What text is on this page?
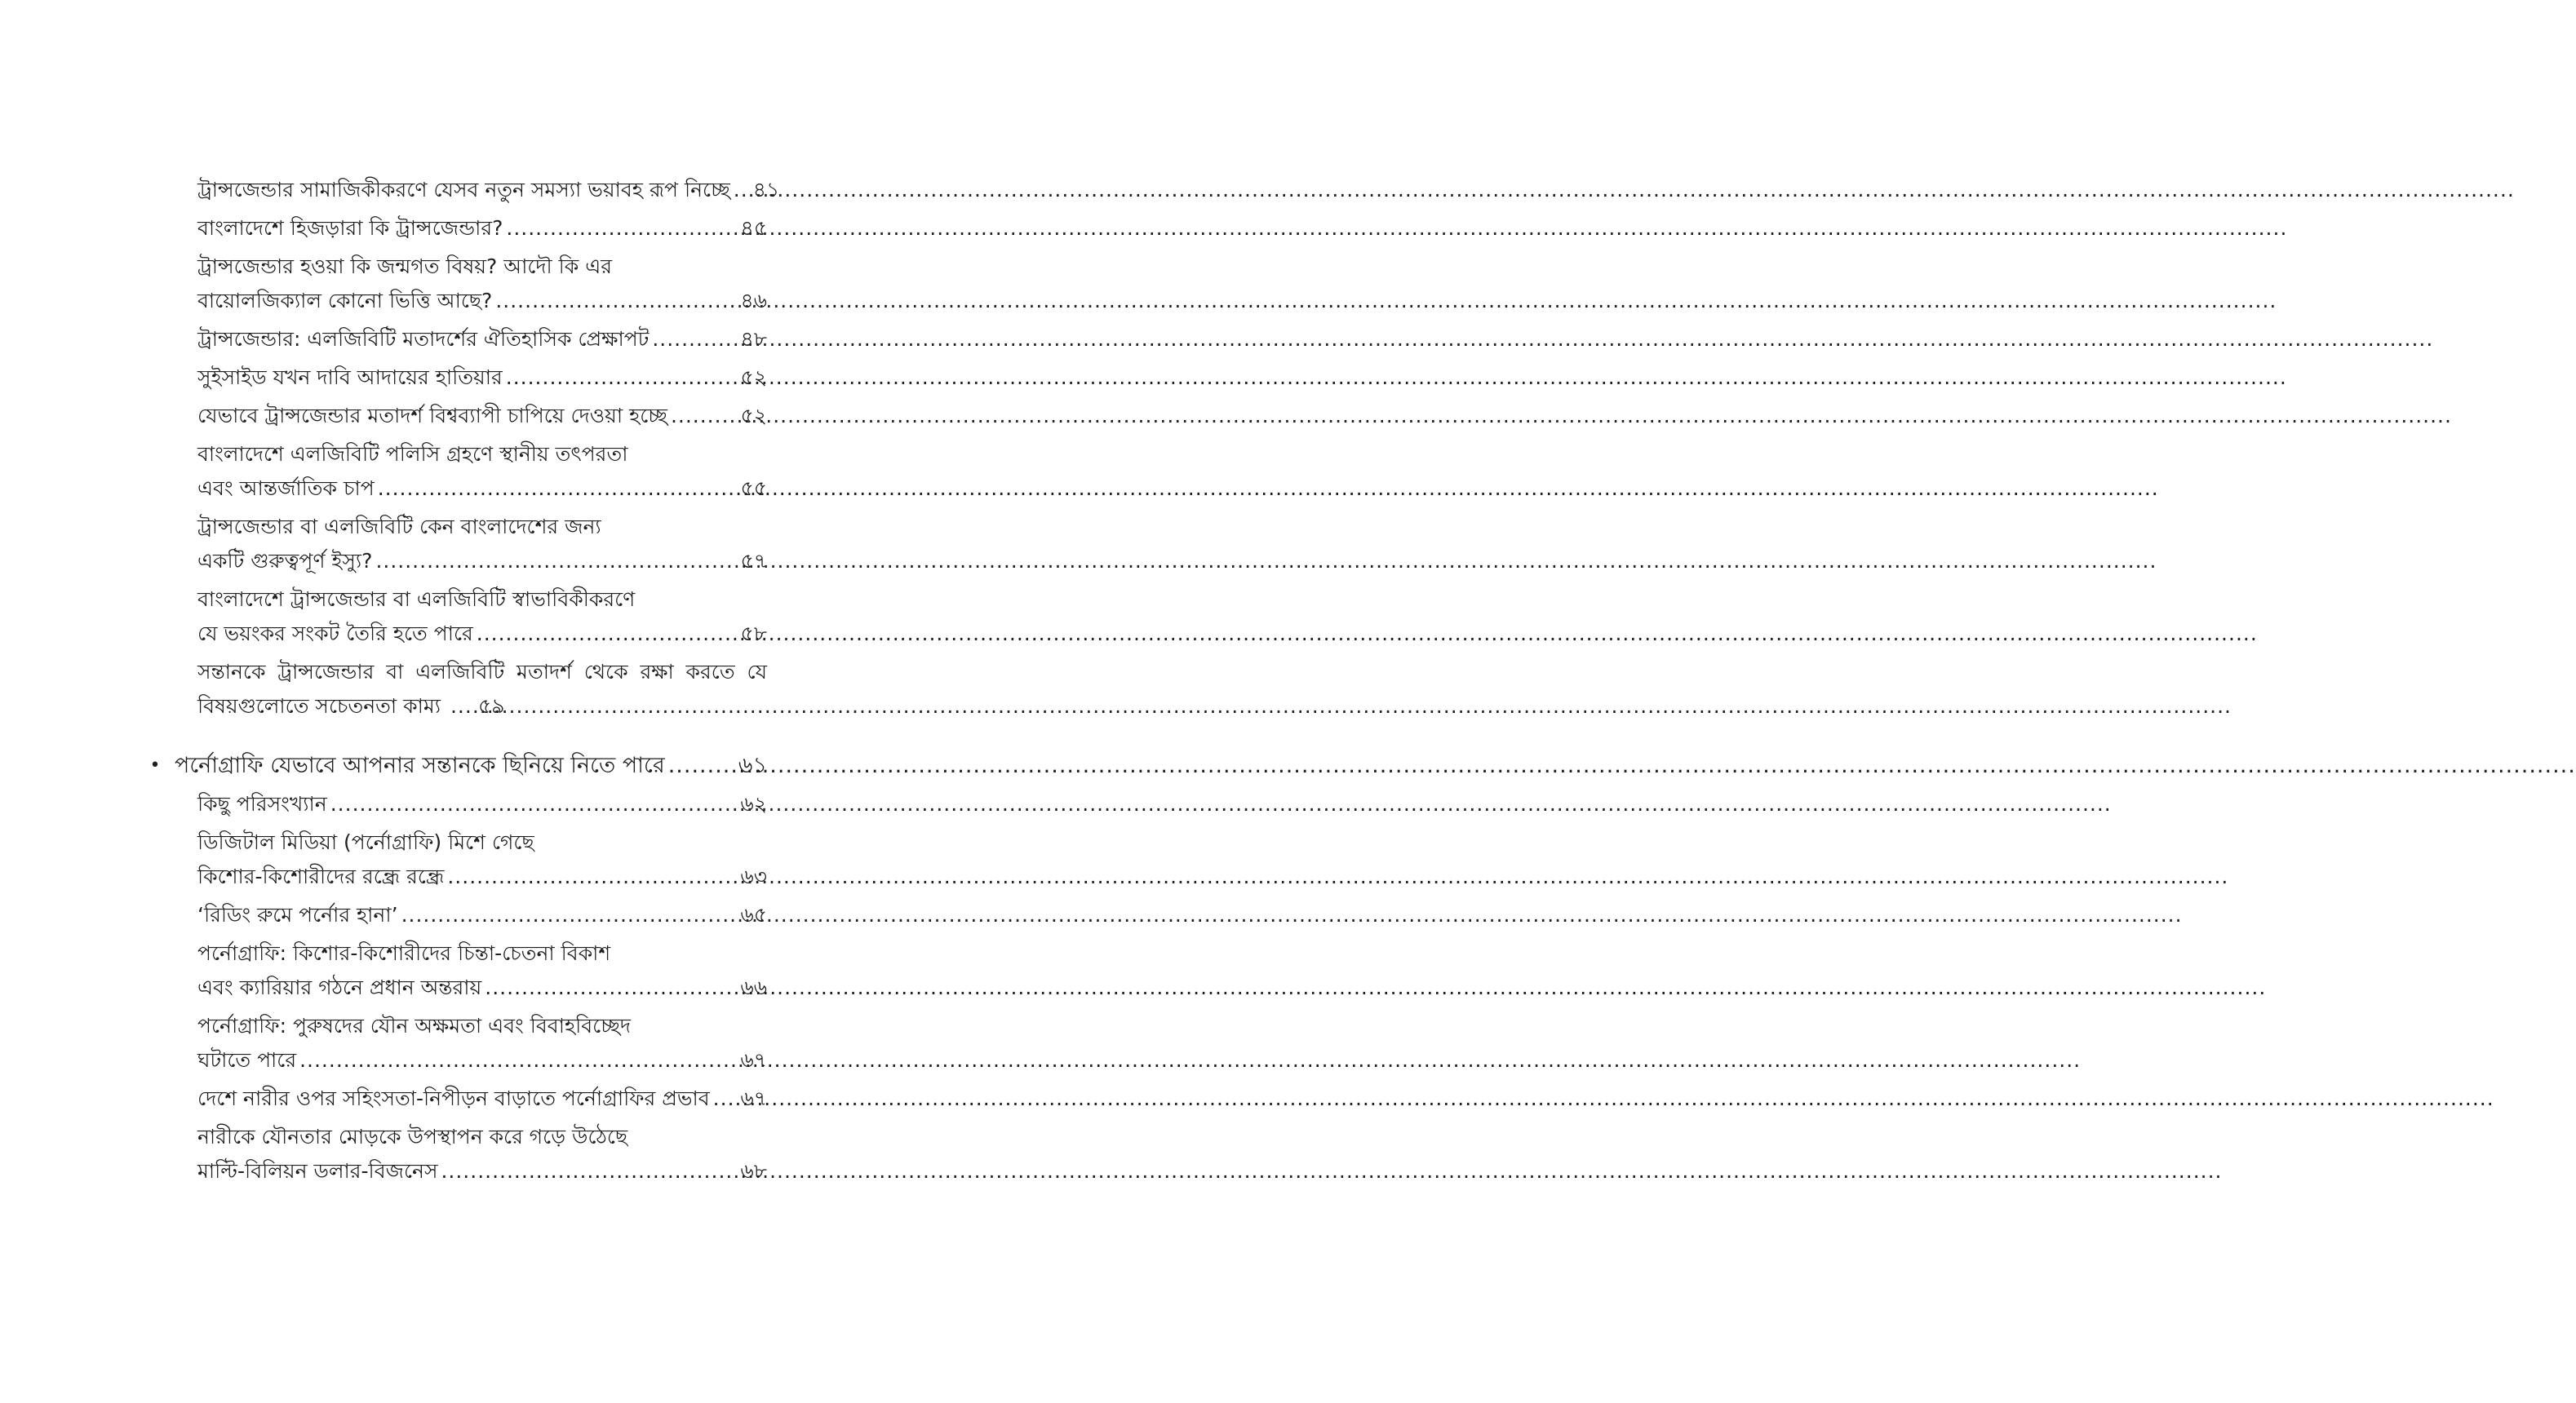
ট্রান্সজেন্ডার সামাজিকীকরণে যেসব নতুন সমস্যা ভয়াবহ রূপ নিচ্ছে ..... ৪১
বাংলাদেশে হিজড়ারা কি ট্রান্সজেন্ডার? .....	৪৫
ট্রান্সজেন্ডার হওয়া কি জন্মগত বিষয়? আদৌ কি এর
বায়োলজিক্যাল কোনো ভিত্তি আছে? .....	৪৬
ট্রান্সজেন্ডার: এলজিবিটি মতাদর্শের ঐতিহাসিক প্রেক্ষাপট .....	৪৮
সুইসাইড যখন দাবি আদায়ের হাতিয়ার .....	৫২
যেভাবে ট্রান্সজেন্ডার মতাদর্শ বিশ্বব্যাপী চাপিয়ে দেওয়া হচ্ছে .....	৫২
বাংলাদেশে এলজিবিটি পলিসি গ্রহণে স্থানীয় তৎপরতা
এবং আন্তর্জাতিক চাপ .....	৫৫
ট্রান্সজেন্ডার বা এলজিবিটি কেন বাংলাদেশের জন্য
একটি গুরুত্বপূর্ণ ইস্যু? .....	৫৭
বাংলাদেশে ট্রান্সজেন্ডার বা এলজিবিটি স্বাভাবিকীকরণে
যে ভয়ংকর সংকট তৈরি হতে পারে .....	৫৮
সন্তানকে ট্রান্সজেন্ডার বা এলজিবিটি মতাদর্শ থেকে রক্ষা করতে যে
বিষয়গুলোতে সচেতনতা কাম্য ..... ৫৯
• পর্নোগ্রাফি যেভাবে আপনার সন্তানকে ছিনিয়ে নিতে পারে .....	৬১
কিছু পরিসংখ্যান .....	৬২
ডিজিটাল মিডিয়া (পর্নোগ্রাফি) মিশে গেছে
কিশোর-কিশোরীদের রন্ধ্রে রন্ধ্রে .....	৬৩
‘রিডিং রুমে পর্নোর হানা’ .....	৬৫
পর্নোগ্রাফি: কিশোর-কিশোরীদের চিন্তা-চেতনা বিকাশ
এবং ক্যারিয়ার গঠনে প্রধান অন্তরায় .....	৬৬
পর্নোগ্রাফি: পুরুষদের যৌন অক্ষমতা এবং বিবাহবিচ্ছেদ
ঘটাতে পারে .....	৬৭
দেশে নারীর ওপর সহিংসতা-নিপীড়ন বাড়াতে পর্নোগ্রাফির প্রভাব ..... ৬৭
নারীকে যৌনতার মোড়কে উপস্থাপন করে গড়ে উঠেছে
মাল্টি-বিলিয়ন ডলার-বিজনেস .....	৬৮
